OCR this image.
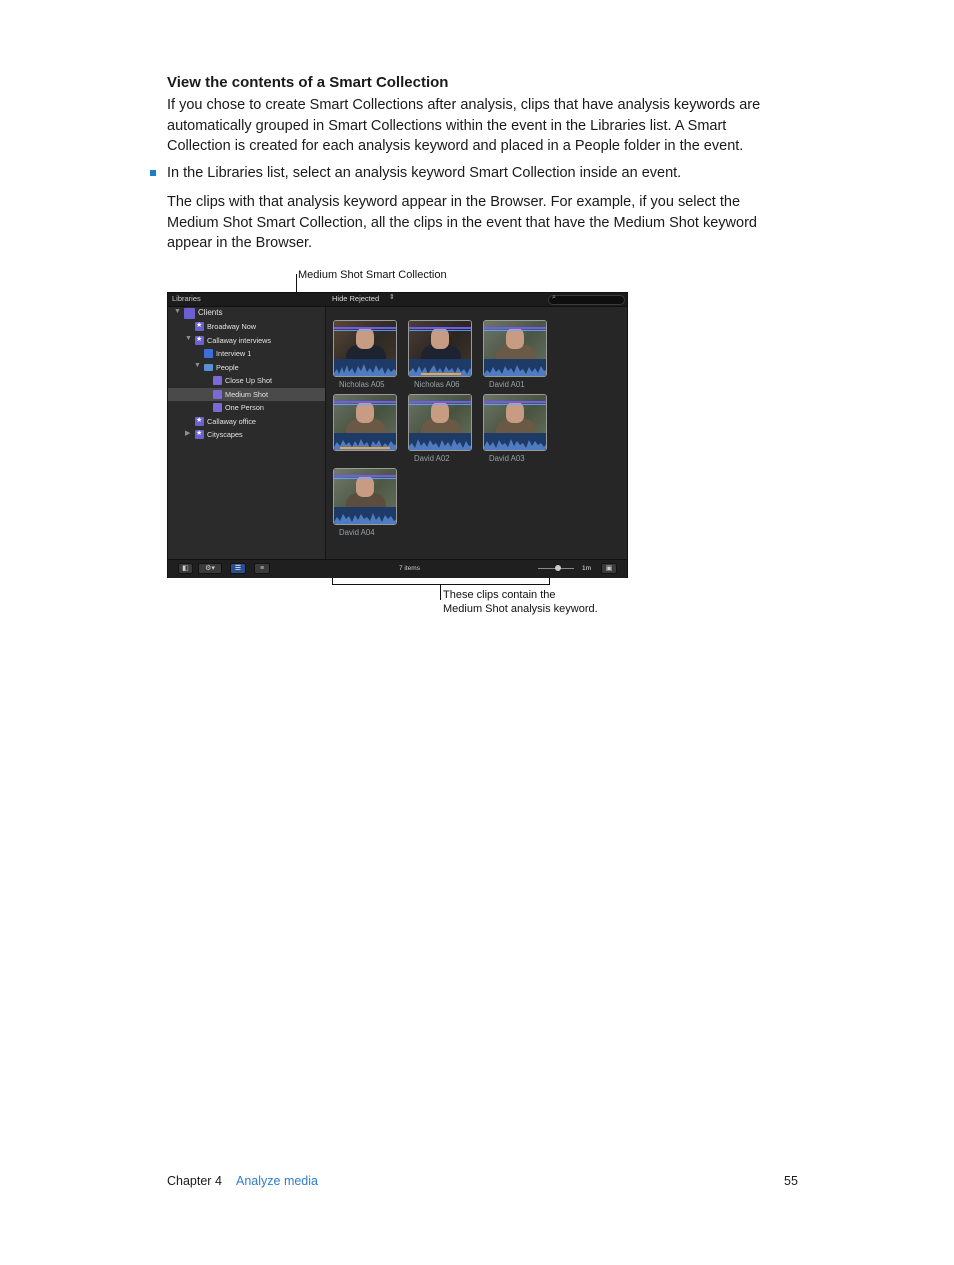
View the contents of a Smart Collection
If you chose to create Smart Collections after analysis, clips that have analysis keywords are automatically grouped in Smart Collections within the event in the Libraries list. A Smart Collection is created for each analysis keyword and placed in a People folder in the event.
In the Libraries list, select an analysis keyword Smart Collection inside an event.
The clips with that analysis keyword appear in the Browser. For example, if you select the Medium Shot Smart Collection, all the clips in the event that have the Medium Shot keyword appear in the Browser.
Medium Shot Smart Collection
Libraries	Hide Rejected ⇕	⌕
▼ Clients
★
Broadway Now
▼ ★ Callaway interviews
Interview 1
▼ People
Close Up Shot
Medium Shot
One Person
★
Callaway office
▶ ★ Cityscapes
Nicholas A05	Nicholas A06	David A01
David A02	David A03
David A04
◧	⚙▾	☰	≡	7 items	1m	▣
These clips contain the
Medium Shot analysis keyword.
Chapter 4 Analyze media	55
